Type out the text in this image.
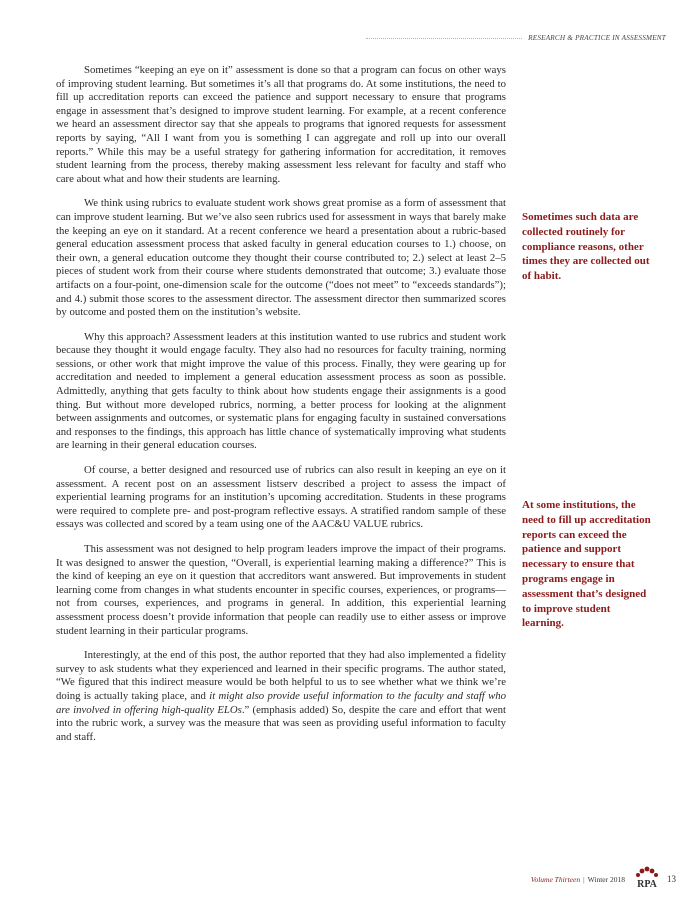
RESEARCH & PRACTICE IN ASSESSMENT

Sometimes “keeping an eye on it” assessment is done so that a program can focus on other ways of improving student learning. But sometimes it’s all that programs do. At some institutions, the need to fill up accreditation reports can exceed the patience and support necessary to ensure that programs engage in assessment that’s designed to improve student learning. For example, at a recent conference we heard an assessment director say that she appeals to programs that ignored requests for assessment reports by saying, “All I want from you is something I can aggregate and roll up into our overall reports.” While this may be a useful strategy for gathering information for accreditation, it removes student learning from the process, thereby making assessment less relevant for faculty and staff who care about what and how their students are learning.

We think using rubrics to evaluate student work shows great promise as a form of assessment that can improve student learning. But we’ve also seen rubrics used for assessment in ways that barely make the keeping an eye on it standard. At a recent conference we heard a presentation about a rubric-based general education assessment process that asked faculty in general education courses to 1.) choose, on their own, a general education outcome they thought their course contributed to; 2.) select at least 2–5 pieces of student work from their course where students demonstrated that outcome; 3.) evaluate those artifacts on a four-point, one-dimension scale for the outcome (“does not meet” to “exceeds standards”); and 4.) submit those scores to the assessment director. The assessment director then summarized scores by outcome and posted them on the institution’s website.

Why this approach? Assessment leaders at this institution wanted to use rubrics and student work because they thought it would engage faculty. They also had no resources for faculty training, norming sessions, or other work that might improve the value of this process. Finally, they were gearing up for accreditation and needed to implement a general education assessment process as soon as possible. Admittedly, anything that gets faculty to think about how students engage their assignments is a good thing. But without more developed rubrics, norming, a better process for looking at the alignment between assignments and outcomes, or systematic plans for engaging faculty in sustained conversations and responses to the findings, this approach has little chance of systematically improving what students are learning in their general education courses.

Of course, a better designed and resourced use of rubrics can also result in keeping an eye on it assessment. A recent post on an assessment listserv described a project to assess the impact of experiential learning programs for an institution’s upcoming accreditation. Students in these programs were required to complete pre- and post-program reflective essays. A stratified random sample of these essays was collected and scored by a team using one of the AAC&U VALUE rubrics.

This assessment was not designed to help program leaders improve the impact of their programs. It was designed to answer the question, “Overall, is experiential learning making a difference?” This is the kind of keeping an eye on it question that accreditors want answered. But improvements in student learning come from changes in what students encounter in specific courses, experiences, or programs—not from courses, experiences, and programs in general. In addition, this experiential learning assessment process doesn’t provide information that people can readily use to either assess or improve student learning in their particular programs.

Interestingly, at the end of this post, the author reported that they had also implemented a fidelity survey to ask students what they experienced and learned in their specific programs. The author stated, “We figured that this indirect measure would be both helpful to us to see whether what we think we’re doing is actually taking place, and it might also provide useful information to the faculty and staff who are involved in offering high-quality ELOs.” (emphasis added) So, despite the care and effort that went into the rubric work, a survey was the measure that was seen as providing useful information to faculty and staff.

Sometimes such data are collected routinely for compliance reasons, other times they are collected out of habit.
At some institutions, the need to fill up accreditation reports can exceed the patience and support necessary to ensure that programs engage in assessment that’s designed to improve student learning.
Volume Thirteen | Winter 2018 RPA 13
